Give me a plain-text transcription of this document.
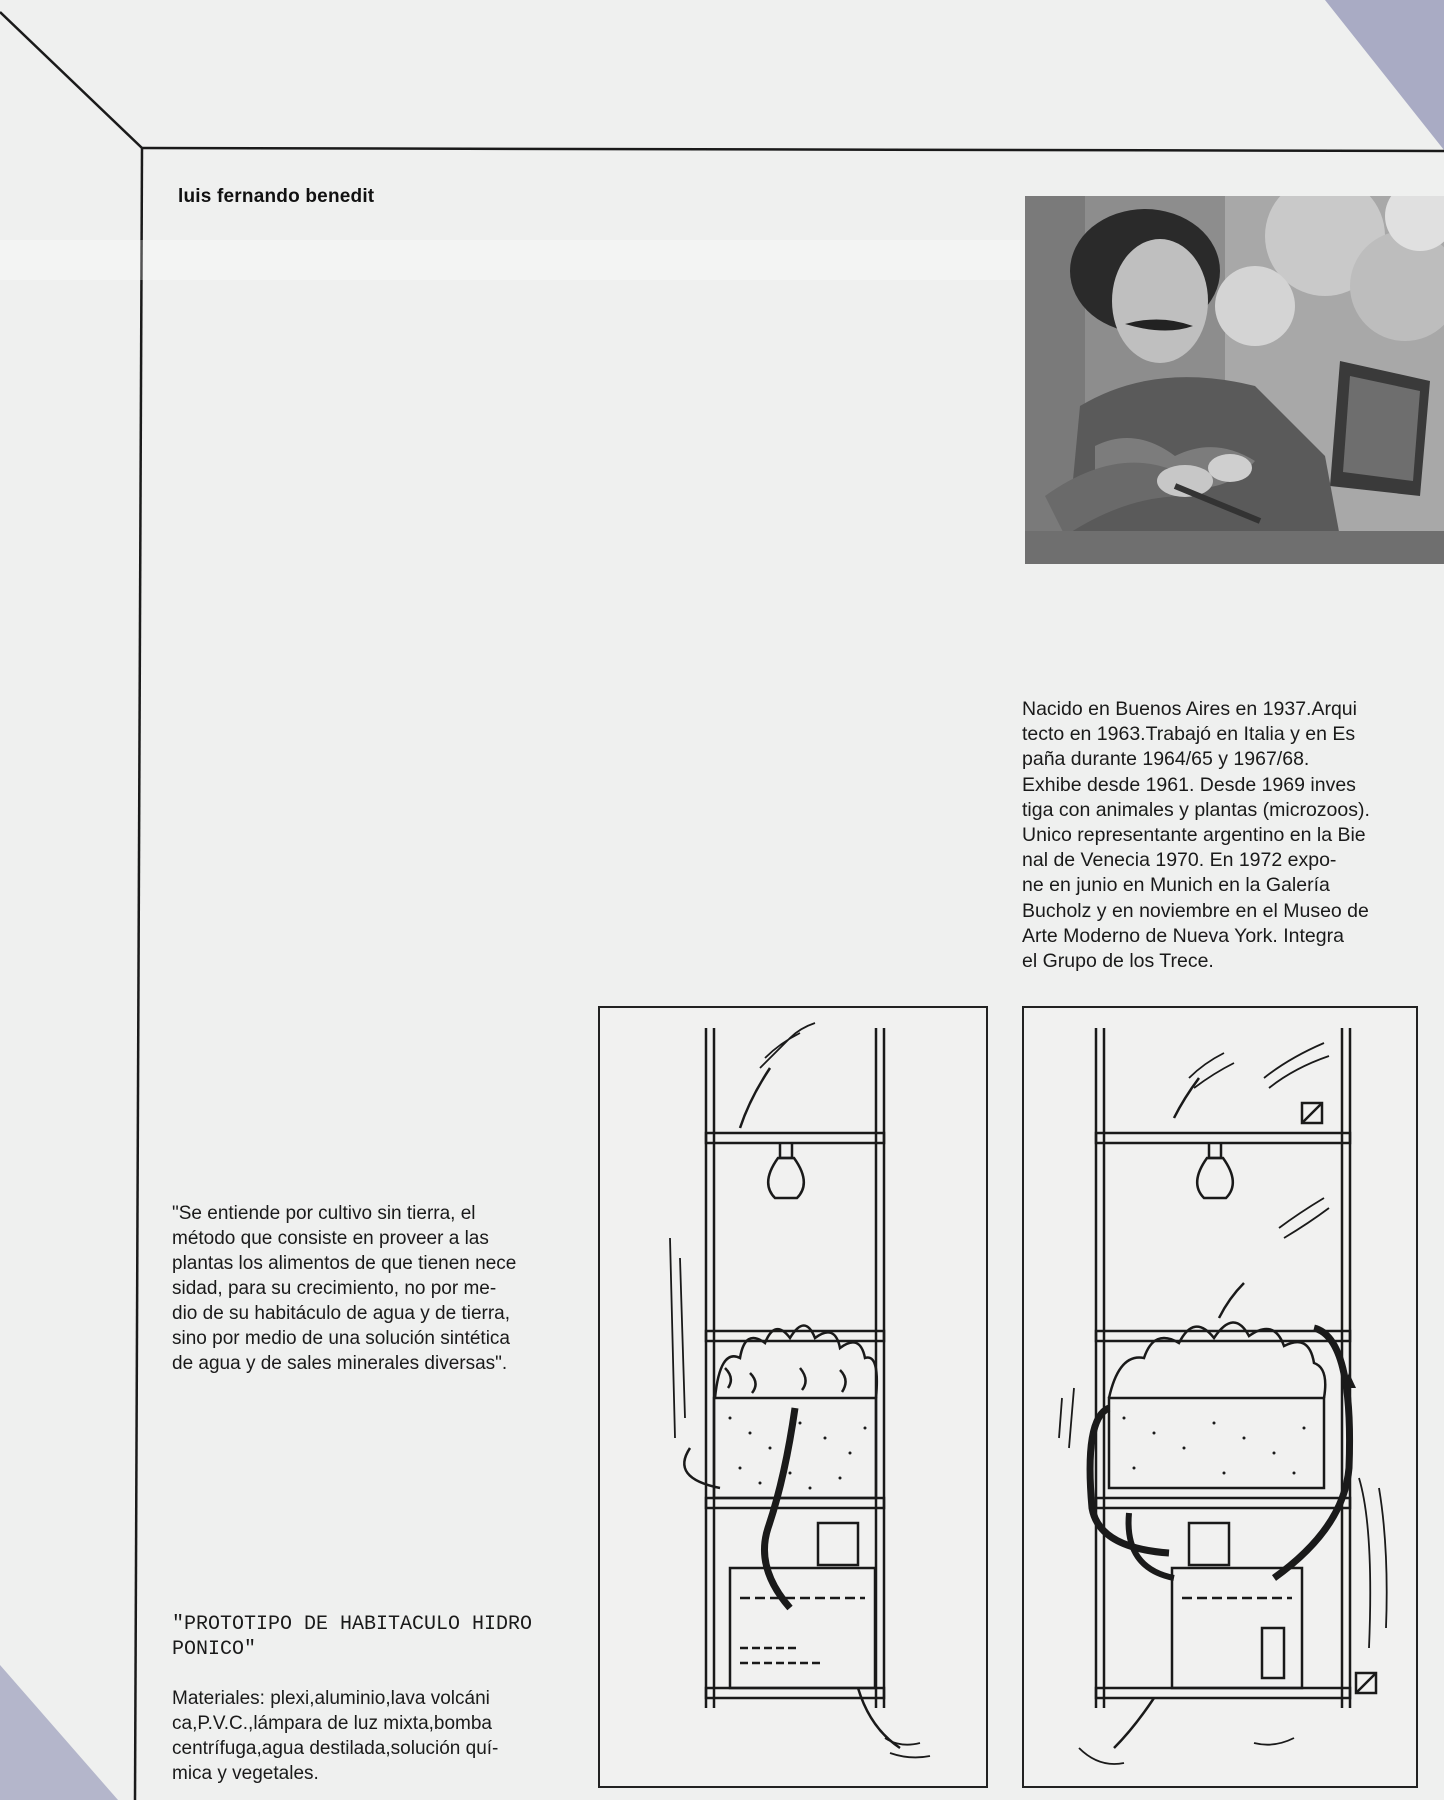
luis fernando benedit

Nacido en Buenos Aires en 1937.Arqui

tecto en 1963.Trabajó en Italia y en Es

paña durante 1964/65 y 1967/68.

Exhibe desde 1961. Desde 1969 inves

tiga con animales y plantas (microzoos).

Unico representante argentino en la Bie

nal de Venecia 1970. En 1972 expo-

ne en junio en Munich en la Galería

Bucholz y en noviembre en el Museo de

Arte Moderno de Nueva York. Integra

el Grupo de los Trece.

"Se entiende por cultivo sin tierra, el

método que consiste en proveer a las

plantas los alimentos de que tienen nece

sidad, para su crecimiento, no por me-

dio de su habitáculo de agua y de tierra,

sino por medio de una solución sintética

de agua y de sales minerales diversas".

"PROTOTIPO DE HABITACULO HIDRO

PONICO"

Materiales: plexi,aluminio,lava volcáni

ca,P.V.C.,lámpara de luz mixta,bomba

centrífuga,agua destilada,solución quí-

mica y vegetales.
